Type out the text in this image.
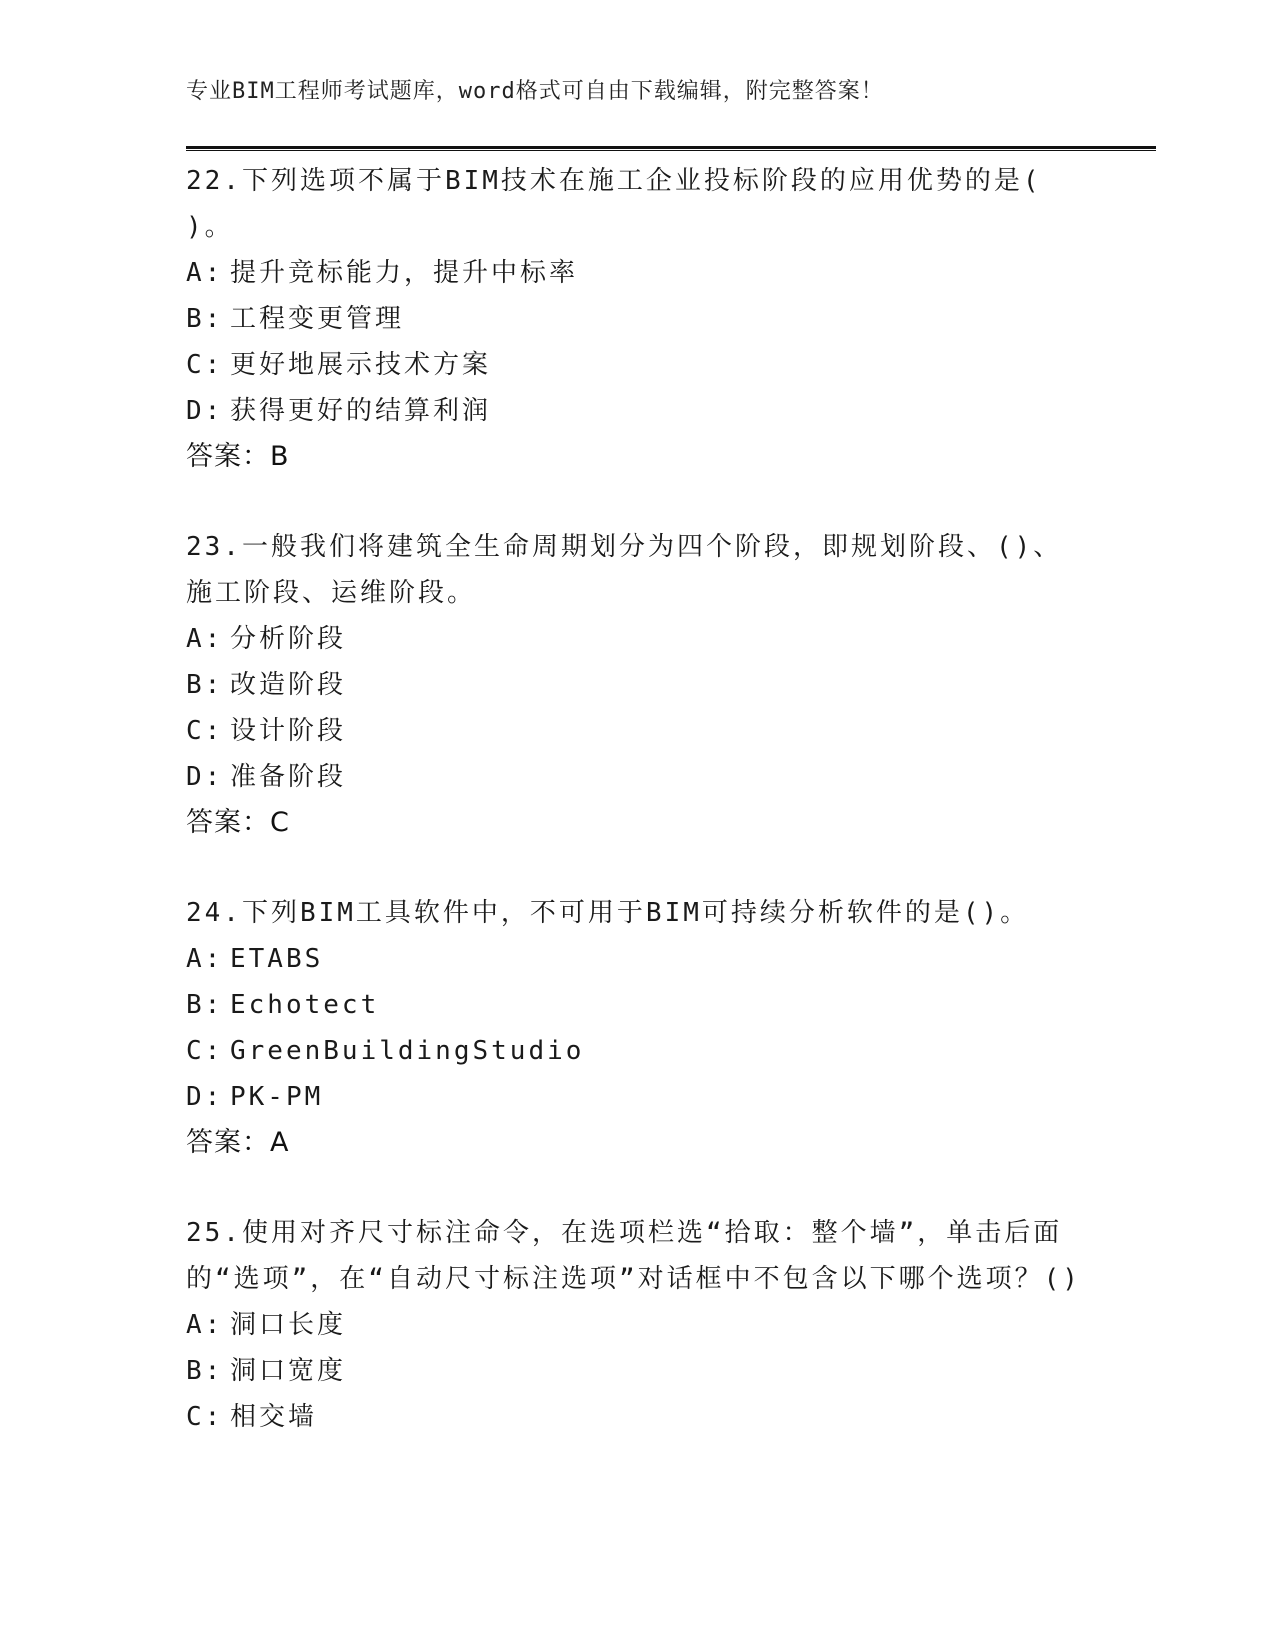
专业BIM工程师考试题库，word格式可自由下载编辑，附完整答案！
22.下列选项不属于BIM技术在施工企业投标阶段的应用优势的是( )。
A: 提升竞标能力，提升中标率
B: 工程变更管理
C: 更好地展示技术方案
D: 获得更好的结算利润
答案：B
23.一般我们将建筑全生命周期划分为四个阶段，即规划阶段、()、施工阶段、运维阶段。
A: 分析阶段
B: 改造阶段
C: 设计阶段
D: 准备阶段
答案：C
24.下列BIM工具软件中，不可用于BIM可持续分析软件的是()。
A: ETABS
B: Echotect
C: GreenBuildingStudio
D: PK-PM
答案：A
25.使用对齐尺寸标注命令，在选项栏选“拾取：整个墙”，单击后面的“选项”，在“自动尺寸标注选项”对话框中不包含以下哪个选项？()
A: 洞口长度
B: 洞口宽度
C: 相交墙
